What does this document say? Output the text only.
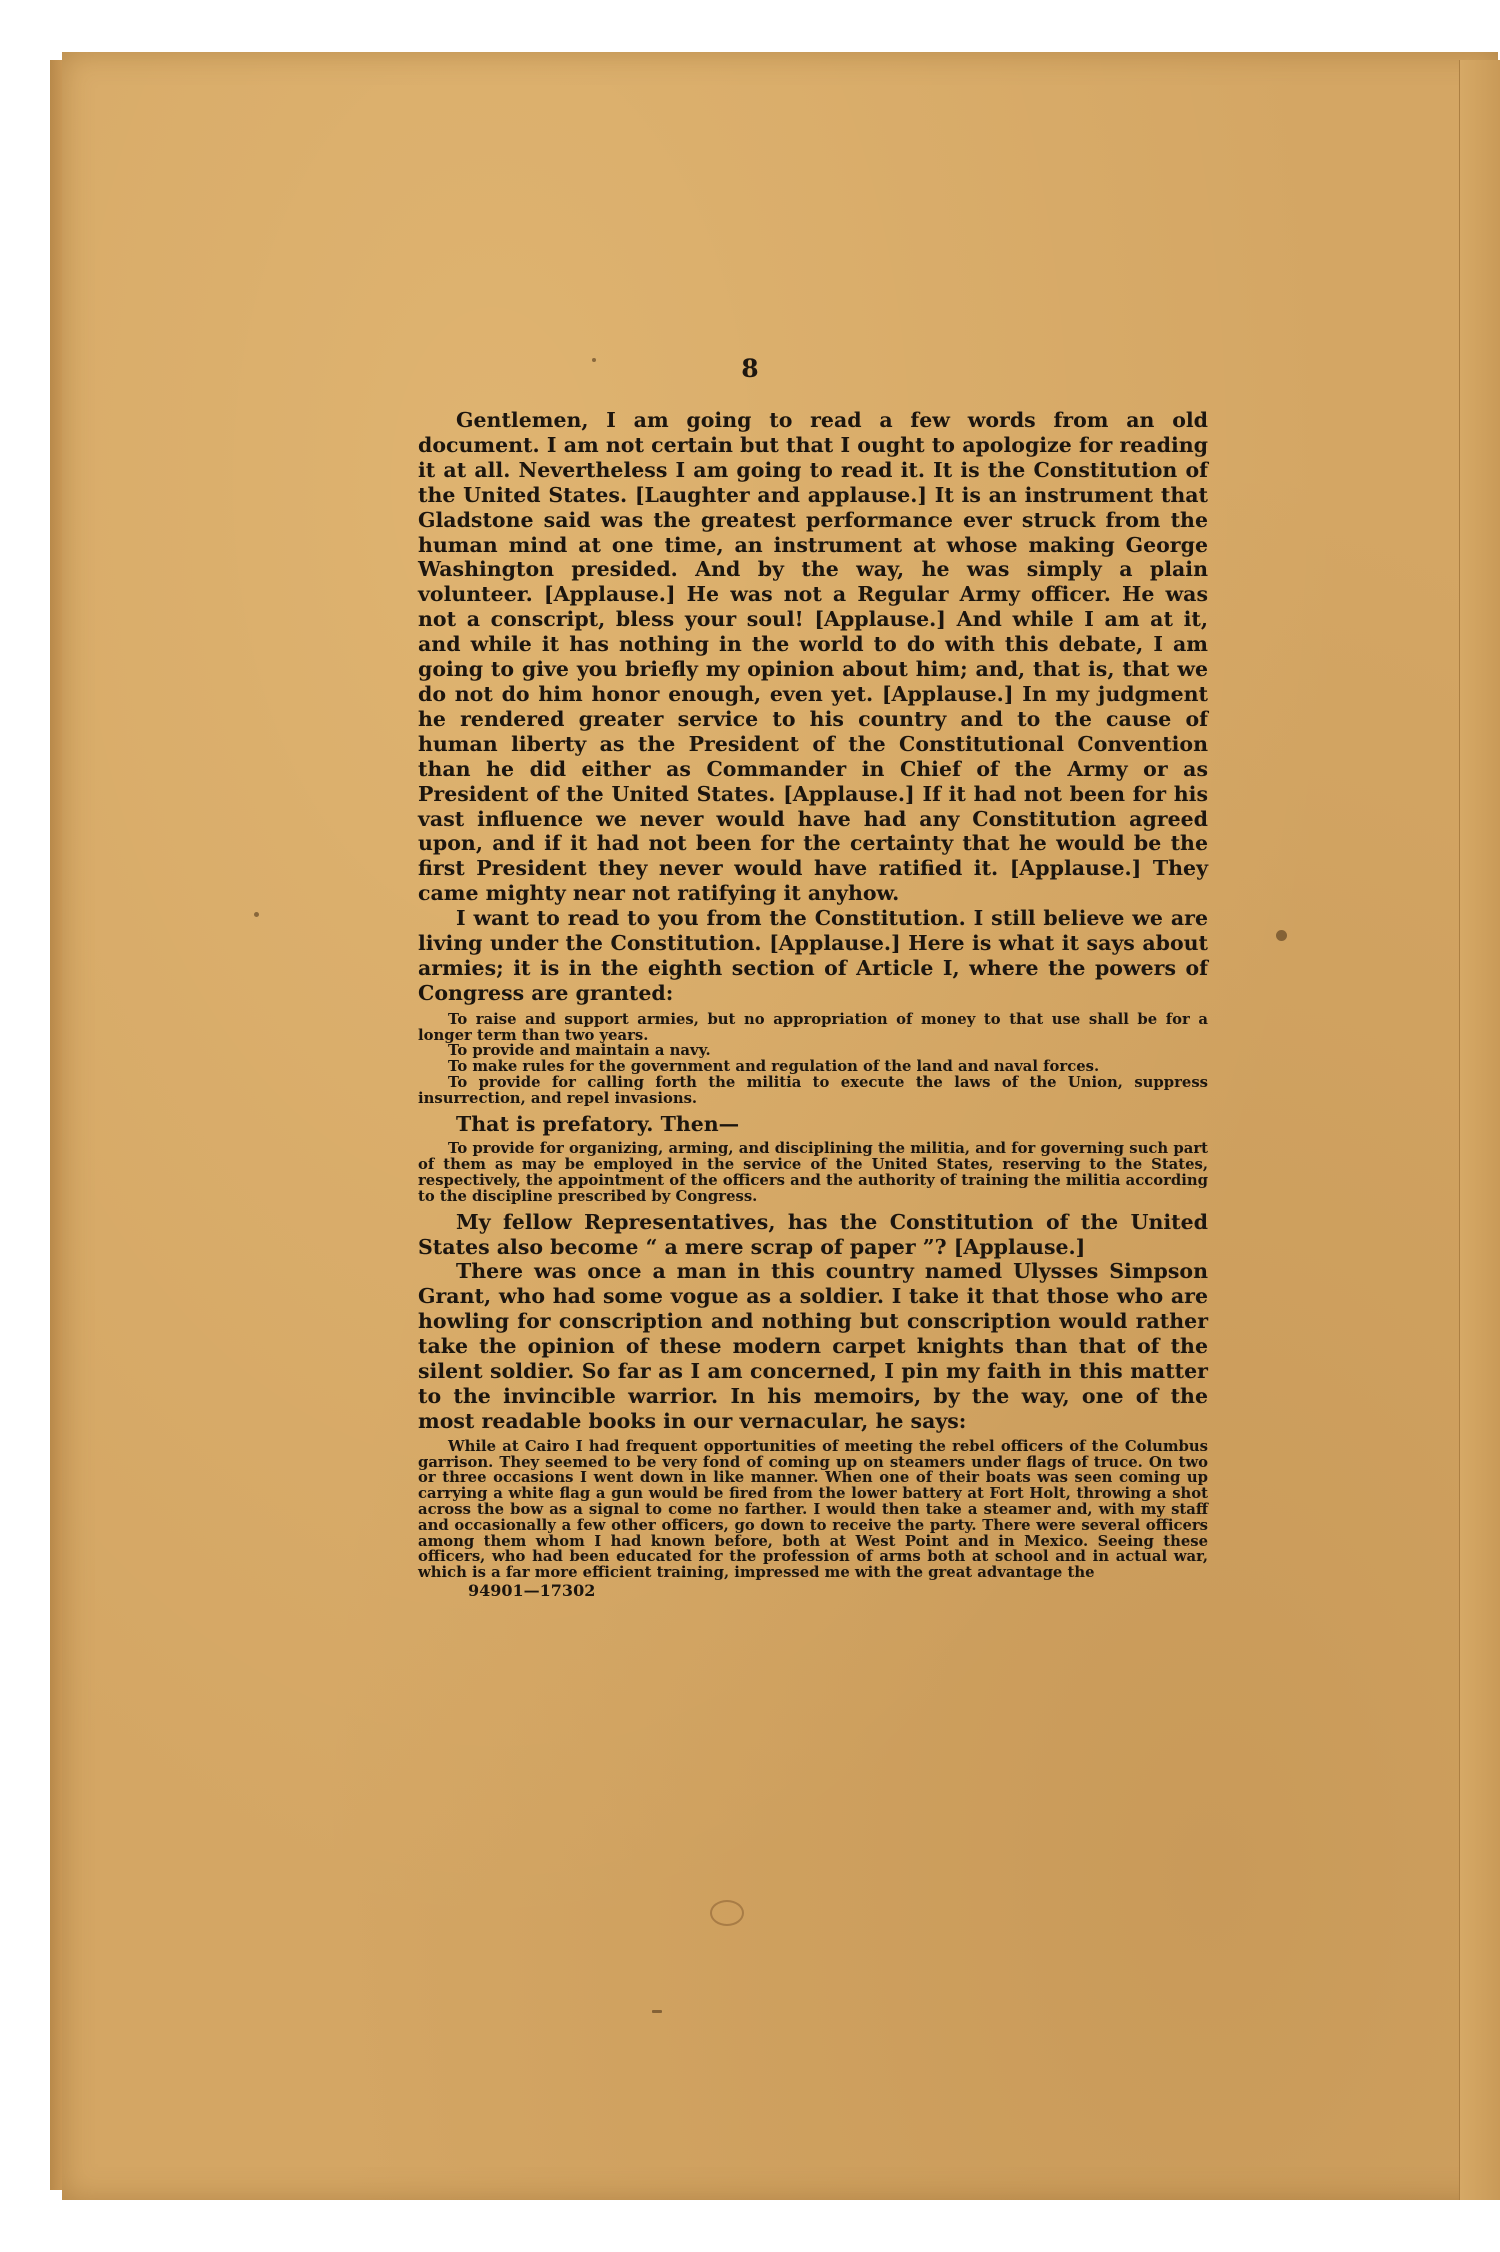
8

Gentlemen, I am going to read a few words from an old document. I am not certain but that I ought to apologize for reading it at all. Nevertheless I am going to read it. It is the Constitution of the United States. [Laughter and applause.] It is an instrument that Gladstone said was the greatest performance ever struck from the human mind at one time, an instrument at whose making George Washington presided. And by the way, he was simply a plain volunteer. [Applause.] He was not a Regular Army officer. He was not a conscript, bless your soul! [Applause.] And while I am at it, and while it has nothing in the world to do with this debate, I am going to give you briefly my opinion about him; and, that is, that we do not do him honor enough, even yet. [Applause.] In my judgment he rendered greater service to his country and to the cause of human liberty as the President of the Constitutional Convention than he did either as Commander in Chief of the Army or as President of the United States. [Applause.] If it had not been for his vast influence we never would have had any Constitution agreed upon, and if it had not been for the certainty that he would be the first President they never would have ratified it. [Applause.] They came mighty near not ratifying it anyhow.

I want to read to you from the Constitution. I still believe we are living under the Constitution. [Applause.] Here is what it says about armies; it is in the eighth section of Article I, where the powers of Congress are granted:

To raise and support armies, but no appropriation of money to that use shall be for a longer term than two years.

To provide and maintain a navy.

To make rules for the government and regulation of the land and naval forces.

To provide for calling forth the militia to execute the laws of the Union, suppress insurrection, and repel invasions.

That is prefatory. Then—

To provide for organizing, arming, and disciplining the militia, and for governing such part of them as may be employed in the service of the United States, reserving to the States, respectively, the appointment of the officers and the authority of training the militia according to the discipline prescribed by Congress.

My fellow Representatives, has the Constitution of the United States also become “ a mere scrap of paper ”? [Applause.]

There was once a man in this country named Ulysses Simpson Grant, who had some vogue as a soldier. I take it that those who are howling for conscription and nothing but conscription would rather take the opinion of these modern carpet knights than that of the silent soldier. So far as I am concerned, I pin my faith in this matter to the invincible warrior. In his memoirs, by the way, one of the most readable books in our vernacular, he says:

While at Cairo I had frequent opportunities of meeting the rebel officers of the Columbus garrison. They seemed to be very fond of coming up on steamers under flags of truce. On two or three occasions I went down in like manner. When one of their boats was seen coming up carrying a white flag a gun would be fired from the lower battery at Fort Holt, throwing a shot across the bow as a signal to come no farther. I would then take a steamer and, with my staff and occasionally a few other officers, go down to receive the party. There were several officers among them whom I had known before, both at West Point and in Mexico. Seeing these officers, who had been educated for the profession of arms both at school and in actual war, which is a far more efficient training, impressed me with the great advantage the

94901—17302
